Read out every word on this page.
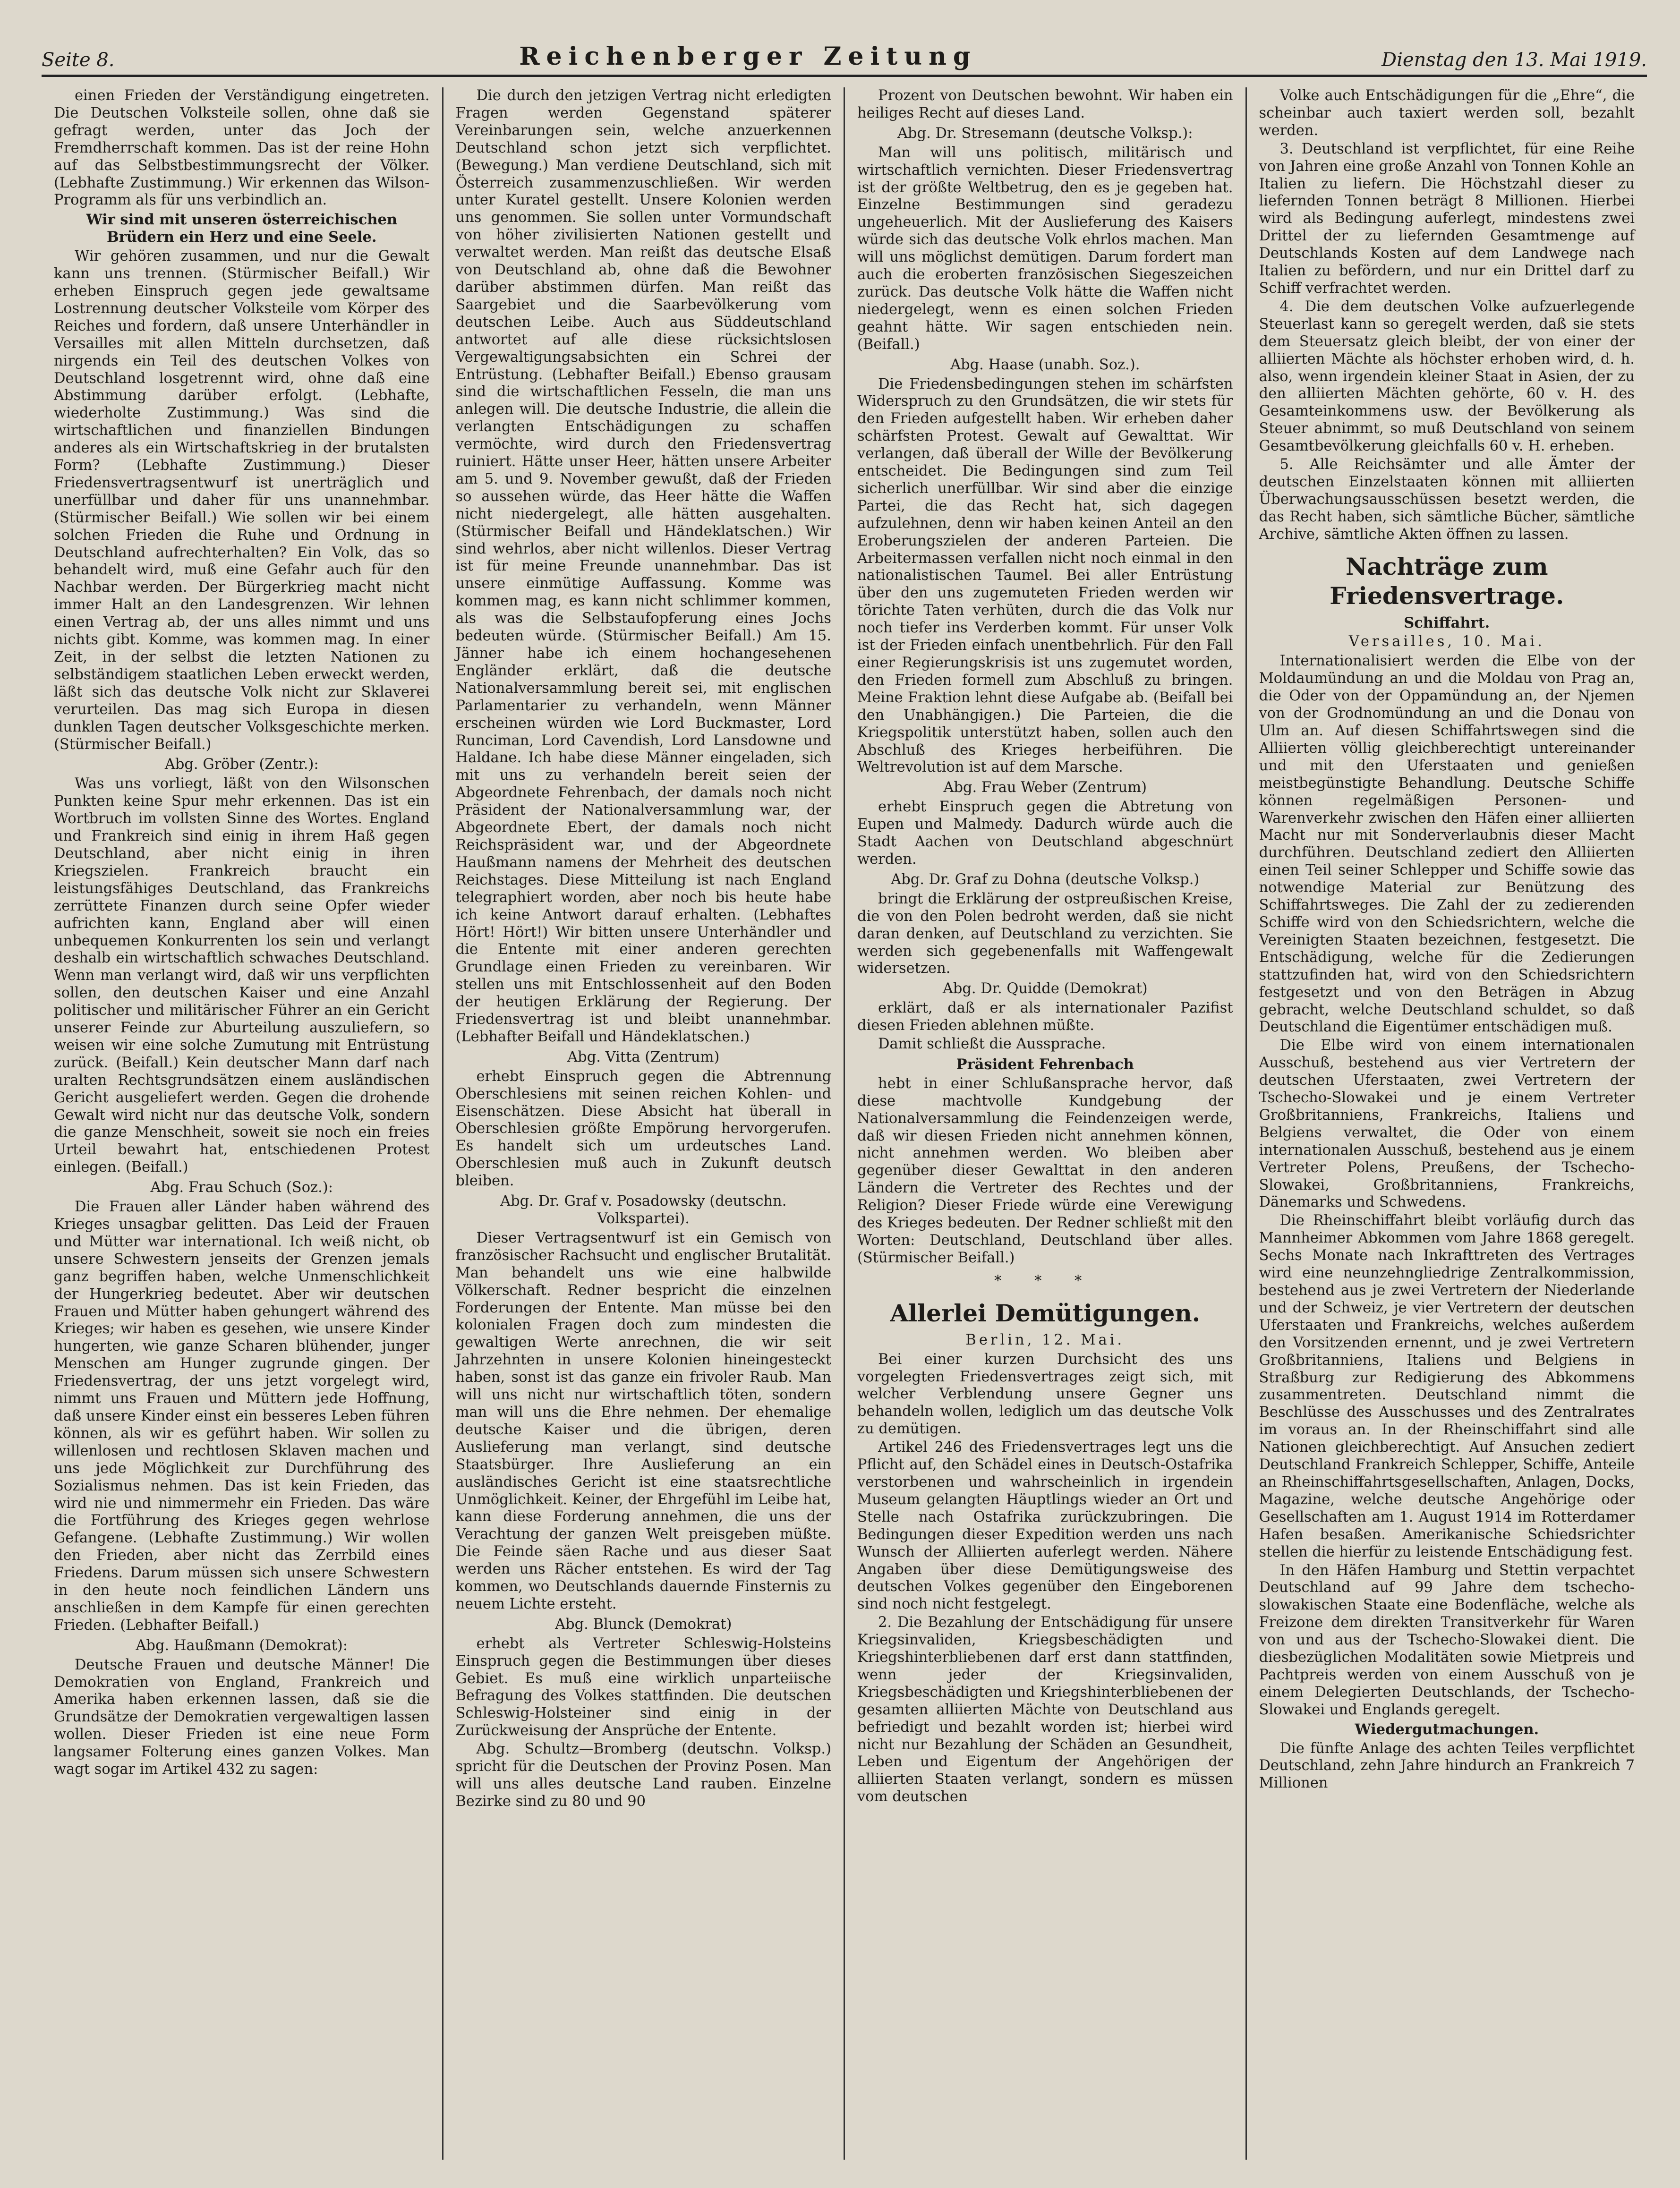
Seite 8.	Reichenberger Zeitung	Dienstag den 13. Mai 1919.

einen Frieden der Verständigung eingetreten. Die Deutschen Volksteile sollen, ohne daß sie gefragt werden, unter das Joch der Fremdherrschaft kommen. Das ist der reine Hohn auf das Selbstbestimmungsrecht der Völker. (Lebhafte Zustimmung.) Wir erkennen das Wilson-Programm als für uns verbindlich an.

Wir sind mit unseren österreichischen Brüdern ein Herz und eine Seele.

Wir gehören zusammen, und nur die Gewalt kann uns trennen. (Stürmischer Beifall.) Wir erheben Einspruch gegen jede gewaltsame Lostrennung deutscher Volksteile vom Körper des Reiches und fordern, daß unsere Unterhändler in Versailles mit allen Mitteln durchsetzen, daß nirgends ein Teil des deutschen Volkes von Deutschland losgetrennt wird, ohne daß eine Abstimmung darüber erfolgt. (Lebhafte, wiederholte Zustimmung.) Was sind die wirtschaftlichen und finanziellen Bindungen anderes als ein Wirtschaftskrieg in der brutalsten Form? (Lebhafte Zustimmung.) Dieser Friedensvertragsentwurf ist unerträglich und unerfüllbar und daher für uns unannehmbar. (Stürmischer Beifall.) Wie sollen wir bei einem solchen Frieden die Ruhe und Ordnung in Deutschland aufrechterhalten? Ein Volk, das so behandelt wird, muß eine Gefahr auch für den Nachbar werden. Der Bürgerkrieg macht nicht immer Halt an den Landesgrenzen. Wir lehnen einen Vertrag ab, der uns alles nimmt und uns nichts gibt. Komme, was kommen mag. In einer Zeit, in der selbst die letzten Nationen zu selbständigem staatlichen Leben erweckt werden, läßt sich das deutsche Volk nicht zur Sklaverei verurteilen. Das mag sich Europa in diesen dunklen Tagen deutscher Volksgeschichte merken. (Stürmischer Beifall.)

Abg. Gröber (Zentr.):

Was uns vorliegt, läßt von den Wilsonschen Punkten keine Spur mehr erkennen. Das ist ein Wortbruch im vollsten Sinne des Wortes. England und Frankreich sind einig in ihrem Haß gegen Deutschland, aber nicht einig in ihren Kriegszielen. Frankreich braucht ein leistungsfähiges Deutschland, das Frankreichs zerrüttete Finanzen durch seine Opfer wieder aufrichten kann, England aber will einen unbequemen Konkurrenten los sein und verlangt deshalb ein wirtschaftlich schwaches Deutschland. Wenn man verlangt wird, daß wir uns verpflichten sollen, den deutschen Kaiser und eine Anzahl politischer und militärischer Führer an ein Gericht unserer Feinde zur Aburteilung auszuliefern, so weisen wir eine solche Zumutung mit Entrüstung zurück. (Beifall.) Kein deutscher Mann darf nach uralten Rechtsgrundsätzen einem ausländischen Gericht ausgeliefert werden. Gegen die drohende Gewalt wird nicht nur das deutsche Volk, sondern die ganze Menschheit, soweit sie noch ein freies Urteil bewahrt hat, entschiedenen Protest einlegen. (Beifall.)

Abg. Frau Schuch (Soz.):

Die Frauen aller Länder haben während des Krieges unsagbar gelitten. Das Leid der Frauen und Mütter war international. Ich weiß nicht, ob unsere Schwestern jenseits der Grenzen jemals ganz begriffen haben, welche Unmenschlichkeit der Hungerkrieg bedeutet. Aber wir deutschen Frauen und Mütter haben gehungert während des Krieges; wir haben es gesehen, wie unsere Kinder hungerten, wie ganze Scharen blühender, junger Menschen am Hunger zugrunde gingen. Der Friedensvertrag, der uns jetzt vorgelegt wird, nimmt uns Frauen und Müttern jede Hoffnung, daß unsere Kinder einst ein besseres Leben führen können, als wir es geführt haben. Wir sollen zu willenlosen und rechtlosen Sklaven machen und uns jede Möglichkeit zur Durchführung des Sozialismus nehmen. Das ist kein Frieden, das wird nie und nimmermehr ein Frieden. Das wäre die Fortführung des Krieges gegen wehrlose Gefangene. (Lebhafte Zustimmung.) Wir wollen den Frieden, aber nicht das Zerrbild eines Friedens. Darum müssen sich unsere Schwestern in den heute noch feindlichen Ländern uns anschließen in dem Kampfe für einen gerechten Frieden. (Lebhafter Beifall.)

Abg. Haußmann (Demokrat):

Deutsche Frauen und deutsche Männer! Die Demokratien von England, Frankreich und Amerika haben erkennen lassen, daß sie die Grundsätze der Demokratien vergewaltigen lassen wollen. Dieser Frieden ist eine neue Form langsamer Folterung eines ganzen Volkes. Man wagt sogar im Artikel 432 zu sagen:

Die durch den jetzigen Vertrag nicht erledigten Fragen werden Gegenstand späterer Vereinbarungen sein, welche anzuerkennen Deutschland schon jetzt sich verpflichtet. (Bewegung.) Man verdiene Deutschland, sich mit Österreich zusammenzuschließen. Wir werden unter Kuratel gestellt. Unsere Kolonien werden uns genommen. Sie sollen unter Vormundschaft von höher zivilisierten Nationen gestellt und verwaltet werden. Man reißt das deutsche Elsaß von Deutschland ab, ohne daß die Bewohner darüber abstimmen dürfen. Man reißt das Saargebiet und die Saarbevölkerung vom deutschen Leibe. Auch aus Süddeutschland antwortet auf alle diese rücksichtslosen Vergewaltigungsabsichten ein Schrei der Entrüstung. (Lebhafter Beifall.) Ebenso grausam sind die wirtschaftlichen Fesseln, die man uns anlegen will. Die deutsche Industrie, die allein die verlangten Entschädigungen zu schaffen vermöchte, wird durch den Friedensvertrag ruiniert. Hätte unser Heer, hätten unsere Arbeiter am 5. und 9. November gewußt, daß der Frieden so aussehen würde, das Heer hätte die Waffen nicht niedergelegt, alle hätten ausgehalten. (Stürmischer Beifall und Händeklatschen.) Wir sind wehrlos, aber nicht willenlos. Dieser Vertrag ist für meine Freunde unannehmbar. Das ist unsere einmütige Auffassung. Komme was kommen mag, es kann nicht schlimmer kommen, als was die Selbstaufopferung eines Jochs bedeuten würde. (Stürmischer Beifall.) Am 15. Jänner habe ich einem hochangesehenen Engländer erklärt, daß die deutsche Nationalversammlung bereit sei, mit englischen Parlamentarier zu verhandeln, wenn Männer erscheinen würden wie Lord Buckmaster, Lord Runciman, Lord Cavendish, Lord Lansdowne und Haldane. Ich habe diese Männer eingeladen, sich mit uns zu verhandeln bereit seien der Abgeordnete Fehrenbach, der damals noch nicht Präsident der Nationalversammlung war, der Abgeordnete Ebert, der damals noch nicht Reichspräsident war, und der Abgeordnete Haußmann namens der Mehrheit des deutschen Reichstages. Diese Mitteilung ist nach England telegraphiert worden, aber noch bis heute habe ich keine Antwort darauf erhalten. (Lebhaftes Hört! Hört!) Wir bitten unsere Unterhändler und die Entente mit einer anderen gerechten Grundlage einen Frieden zu vereinbaren. Wir stellen uns mit Entschlossenheit auf den Boden der heutigen Erklärung der Regierung. Der Friedensvertrag ist und bleibt unannehmbar. (Lebhafter Beifall und Händeklatschen.)

Abg. Vitta (Zentrum)

erhebt Einspruch gegen die Abtrennung Oberschlesiens mit seinen reichen Kohlen- und Eisenschätzen. Diese Absicht hat überall in Oberschlesien größte Empörung hervorgerufen. Es handelt sich um urdeutsches Land. Oberschlesien muß auch in Zukunft deutsch bleiben.

Abg. Dr. Graf v. Posadowsky (deutschn. Volkspartei).

Dieser Vertragsentwurf ist ein Gemisch von französischer Rachsucht und englischer Brutalität. Man behandelt uns wie eine halbwilde Völkerschaft. Redner bespricht die einzelnen Forderungen der Entente. Man müsse bei den kolonialen Fragen doch zum mindesten die gewaltigen Werte anrechnen, die wir seit Jahrzehnten in unsere Kolonien hineingesteckt haben, sonst ist das ganze ein frivoler Raub. Man will uns nicht nur wirtschaftlich töten, sondern man will uns die Ehre nehmen. Der ehemalige deutsche Kaiser und die übrigen, deren Auslieferung man verlangt, sind deutsche Staatsbürger. Ihre Auslieferung an ein ausländisches Gericht ist eine staatsrechtliche Unmöglichkeit. Keiner, der Ehrgefühl im Leibe hat, kann diese Forderung annehmen, die uns der Verachtung der ganzen Welt preisgeben müßte. Die Feinde säen Rache und aus dieser Saat werden uns Rächer entstehen. Es wird der Tag kommen, wo Deutschlands dauernde Finsternis zu neuem Lichte ersteht.

Abg. Blunck (Demokrat)

erhebt als Vertreter Schleswig-Holsteins Einspruch gegen die Bestimmungen über dieses Gebiet. Es muß eine wirklich unparteiische Befragung des Volkes stattfinden. Die deutschen Schleswig-Holsteiner sind einig in der Zurückweisung der Ansprüche der Entente.

Abg. Schultz—Bromberg (deutschn. Volksp.) spricht für die Deutschen der Provinz Posen. Man will uns alles deutsche Land rauben. Einzelne Bezirke sind zu 80 und 90

Prozent von Deutschen bewohnt. Wir haben ein heiliges Recht auf dieses Land.

Abg. Dr. Stresemann (deutsche Volksp.):

Man will uns politisch, militärisch und wirtschaftlich vernichten. Dieser Friedensvertrag ist der größte Weltbetrug, den es je gegeben hat. Einzelne Bestimmungen sind geradezu ungeheuerlich. Mit der Auslieferung des Kaisers würde sich das deutsche Volk ehrlos machen. Man will uns möglichst demütigen. Darum fordert man auch die eroberten französischen Siegeszeichen zurück. Das deutsche Volk hätte die Waffen nicht niedergelegt, wenn es einen solchen Frieden geahnt hätte. Wir sagen entschieden nein. (Beifall.)

Abg. Haase (unabh. Soz.).

Die Friedensbedingungen stehen im schärfsten Widerspruch zu den Grundsätzen, die wir stets für den Frieden aufgestellt haben. Wir erheben daher schärfsten Protest. Gewalt auf Gewalttat. Wir verlangen, daß überall der Wille der Bevölkerung entscheidet. Die Bedingungen sind zum Teil sicherlich unerfüllbar. Wir sind aber die einzige Partei, die das Recht hat, sich dagegen aufzulehnen, denn wir haben keinen Anteil an den Eroberungszielen der anderen Parteien. Die Arbeitermassen verfallen nicht noch einmal in den nationalistischen Taumel. Bei aller Entrüstung über den uns zugemuteten Frieden werden wir törichte Taten verhüten, durch die das Volk nur noch tiefer ins Verderben kommt. Für unser Volk ist der Frieden einfach unentbehrlich. Für den Fall einer Regierungskrisis ist uns zugemutet worden, den Frieden formell zum Abschluß zu bringen. Meine Fraktion lehnt diese Aufgabe ab. (Beifall bei den Unabhängigen.) Die Parteien, die die Kriegspolitik unterstützt haben, sollen auch den Abschluß des Krieges herbeiführen. Die Weltrevolution ist auf dem Marsche.

Abg. Frau Weber (Zentrum)

erhebt Einspruch gegen die Abtretung von Eupen und Malmedy. Dadurch würde auch die Stadt Aachen von Deutschland abgeschnürt werden.

Abg. Dr. Graf zu Dohna (deutsche Volksp.)

bringt die Erklärung der ostpreußischen Kreise, die von den Polen bedroht werden, daß sie nicht daran denken, auf Deutschland zu verzichten. Sie werden sich gegebenenfalls mit Waffengewalt widersetzen.

Abg. Dr. Quidde (Demokrat)

erklärt, daß er als internationaler Pazifist diesen Frieden ablehnen müßte.

Damit schließt die Aussprache.

Präsident Fehrenbach

hebt in einer Schlußansprache hervor, daß diese machtvolle Kundgebung der Nationalversammlung die Feindenzeigen werde, daß wir diesen Frieden nicht annehmen können, nicht annehmen werden. Wo bleiben aber gegenüber dieser Gewalttat in den anderen Ländern die Vertreter des Rechtes und der Religion? Dieser Friede würde eine Verewigung des Krieges bedeuten. Der Redner schließt mit den Worten: Deutschland, Deutschland über alles. (Stürmischer Beifall.)

* * *

Allerlei Demütigungen.

Berlin, 12. Mai.

Bei einer kurzen Durchsicht des uns vorgelegten Friedensvertrages zeigt sich, mit welcher Verblendung unsere Gegner uns behandeln wollen, lediglich um das deutsche Volk zu demütigen.

Artikel 246 des Friedensvertrages legt uns die Pflicht auf, den Schädel eines in Deutsch-Ostafrika verstorbenen und wahrscheinlich in irgendein Museum gelangten Häuptlings wieder an Ort und Stelle nach Ostafrika zurückzubringen. Die Bedingungen dieser Expedition werden uns nach Wunsch der Alliierten auferlegt werden. Nähere Angaben über diese Demütigungsweise des deutschen Volkes gegenüber den Eingeborenen sind noch nicht festgelegt.

2. Die Bezahlung der Entschädigung für unsere Kriegsinvaliden, Kriegsbeschädigten und Kriegshinterbliebenen darf erst dann stattfinden, wenn jeder der Kriegsinvaliden, Kriegsbeschädigten und Kriegshinterbliebenen der gesamten alliierten Mächte von Deutschland aus befriedigt und bezahlt worden ist; hierbei wird nicht nur Bezahlung der Schäden an Gesundheit, Leben und Eigentum der Angehörigen der alliierten Staaten verlangt, sondern es müssen vom deutschen

Volke auch Entschädigungen für die „Ehre“, die scheinbar auch taxiert werden soll, bezahlt werden.

3. Deutschland ist verpflichtet, für eine Reihe von Jahren eine große Anzahl von Tonnen Kohle an Italien zu liefern. Die Höchstzahl dieser zu liefernden Tonnen beträgt 8 Millionen. Hierbei wird als Bedingung auferlegt, mindestens zwei Drittel der zu liefernden Gesamtmenge auf Deutschlands Kosten auf dem Landwege nach Italien zu befördern, und nur ein Drittel darf zu Schiff verfrachtet werden.

4. Die dem deutschen Volke aufzuerlegende Steuerlast kann so geregelt werden, daß sie stets dem Steuersatz gleich bleibt, der von einer der alliierten Mächte als höchster erhoben wird, d. h. also, wenn irgendein kleiner Staat in Asien, der zu den alliierten Mächten gehörte, 60 v. H. des Gesamteinkommens usw. der Bevölkerung als Steuer abnimmt, so muß Deutschland von seinem Gesamtbevölkerung gleichfalls 60 v. H. erheben.

5. Alle Reichsämter und alle Ämter der deutschen Einzelstaaten können mit alliierten Überwachungsausschüssen besetzt werden, die das Recht haben, sich sämtliche Bücher, sämtliche Archive, sämtliche Akten öffnen zu lassen.

Nachträge zum Friedensvertrage.

Schiffahrt.

Versailles, 10. Mai.

Internationalisiert werden die Elbe von der Moldaumündung an und die Moldau von Prag an, die Oder von der Oppamündung an, der Njemen von der Grodnomündung an und die Donau von Ulm an. Auf diesen Schiffahrtswegen sind die Alliierten völlig gleichberechtigt untereinander und mit den Uferstaaten und genießen meistbegünstigte Behandlung. Deutsche Schiffe können regelmäßigen Personen- und Warenverkehr zwischen den Häfen einer alliierten Macht nur mit Sonderverlaubnis dieser Macht durchführen. Deutschland zediert den Alliierten einen Teil seiner Schlepper und Schiffe sowie das notwendige Material zur Benützung des Schiffahrtsweges. Die Zahl der zu zedierenden Schiffe wird von den Schiedsrichtern, welche die Vereinigten Staaten bezeichnen, festgesetzt. Die Entschädigung, welche für die Zedierungen stattzufinden hat, wird von den Schiedsrichtern festgesetzt und von den Beträgen in Abzug gebracht, welche Deutschland schuldet, so daß Deutschland die Eigentümer entschädigen muß.

Die Elbe wird von einem internationalen Ausschuß, bestehend aus vier Vertretern der deutschen Uferstaaten, zwei Vertretern der Tschecho-Slowakei und je einem Vertreter Großbritanniens, Frankreichs, Italiens und Belgiens verwaltet, die Oder von einem internationalen Ausschuß, bestehend aus je einem Vertreter Polens, Preußens, der Tschecho-Slowakei, Großbritanniens, Frankreichs, Dänemarks und Schwedens.

Die Rheinschiffahrt bleibt vorläufig durch das Mannheimer Abkommen vom Jahre 1868 geregelt. Sechs Monate nach Inkrafttreten des Vertrages wird eine neunzehngliedrige Zentralkommission, bestehend aus je zwei Vertretern der Niederlande und der Schweiz, je vier Vertretern der deutschen Uferstaaten und Frankreichs, welches außerdem den Vorsitzenden ernennt, und je zwei Vertretern Großbritanniens, Italiens und Belgiens in Straßburg zur Redigierung des Abkommens zusammentreten. Deutschland nimmt die Beschlüsse des Ausschusses und des Zentralrates im voraus an. In der Rheinschiffahrt sind alle Nationen gleichberechtigt. Auf Ansuchen zediert Deutschland Frankreich Schlepper, Schiffe, Anteile an Rheinschiffahrtsgesellschaften, Anlagen, Docks, Magazine, welche deutsche Angehörige oder Gesellschaften am 1. August 1914 im Rotterdamer Hafen besaßen. Amerikanische Schiedsrichter stellen die hierfür zu leistende Entschädigung fest.

In den Häfen Hamburg und Stettin verpachtet Deutschland auf 99 Jahre dem tschecho-slowakischen Staate eine Bodenfläche, welche als Freizone dem direkten Transitverkehr für Waren von und aus der Tschecho-Slowakei dient. Die diesbezüglichen Modalitäten sowie Mietpreis und Pachtpreis werden von einem Ausschuß von je einem Delegierten Deutschlands, der Tschecho-Slowakei und Englands geregelt.

Wiedergutmachungen.

Die fünfte Anlage des achten Teiles verpflichtet Deutschland, zehn Jahre hindurch an Frankreich 7 Millionen
